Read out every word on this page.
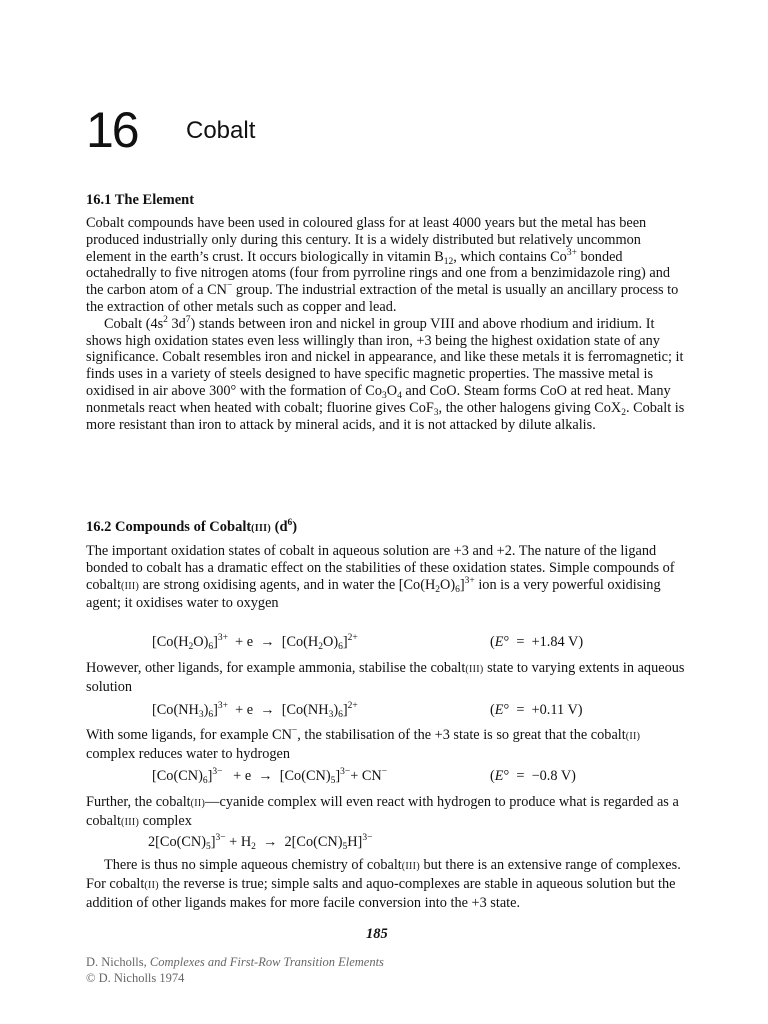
16 Cobalt
16.1 The Element

Cobalt compounds have been used in coloured glass for at least 4000 years but the metal has been produced industrially only during this century. It is a widely distributed but relatively uncommon element in the earth’s crust. It occurs biologically in vitamin $B_{12}$, which contains $Co^{3+}$ bonded octahedrally to five nitrogen atoms (four from pyrroline rings and one from a benzimidazole ring) and the carbon atom of a CN− group. The industrial extraction of the metal is usually an ancillary process to the extraction of other metals such as copper and lead.

Cobalt ($4s^2$ $3d^7$) stands between iron and nickel in group VIII and above rhodium and iridium. It shows high oxidation states even less willingly than iron, +3 being the highest oxidation state of any significance. Cobalt resembles iron and nickel in appearance, and like these metals it is ferromagnetic; it finds uses in a variety of steels designed to have specific magnetic properties. The massive metal is oxidised in air above 300° with the formation of $Co_3O_4$ and CoO. Steam forms CoO at red heat. Many nonmetals react when heated with cobalt; fluorine gives CoF$_3$, the other halogens giving CoX$_2$. Cobalt is more resistant than iron to attack by mineral acids, and it is not attacked by dilute alkalis.

16.2 Compounds of Cobalt(III) $(d^6)$

The important oxidation states of cobalt in aqueous solution are +3 and +2. The nature of the ligand bonded to cobalt has a dramatic effect on the stabilities of these oxidation states. Simple compounds of cobalt(III) are strong oxidising agents, and in water the $[Co(H_2O)_6]^{3+}$ ion is a very powerful oxidising agent; it oxidises water to oxygen

$[Co(H_2O)_6]^{3+} + e \to [Co(H_2O)_6]^{2+}$	(E°  =  +1.84 V)

However, other ligands, for example ammonia, stabilise the cobalt(III) state to varying extents in aqueous solution

$[Co(NH_3)_6]^{3+} + e \to [Co(NH_3)_6]^{2+}$	(E°  =  +0.11 V)

With some ligands, for example CN−, the stabilisation of the +3 state is so great that the cobalt(II) complex reduces water to hydrogen

$[Co(CN)_6]^{3-} + e \to [Co(CN)_5]^{3-}+ CN^-$	(E°  =  −0.8 V)

Further, the cobalt(II)—cyanide complex will even react with hydrogen to produce what is regarded as a cobalt(III) complex

$2[Co(CN)_5]^{3-} + H_2 \to 2[Co(CN)_5H]^{3-}$

There is thus no simple aqueous chemistry of cobalt(III) but there is an extensive range of complexes. For cobalt(II) the reverse is true; simple salts and aquo-complexes are stable in aqueous solution but the addition of other ligands makes for more facile conversion into the +3 state.

185
D. Nicholls, Complexes and First-Row Transition Elements
© D. Nicholls 1974
